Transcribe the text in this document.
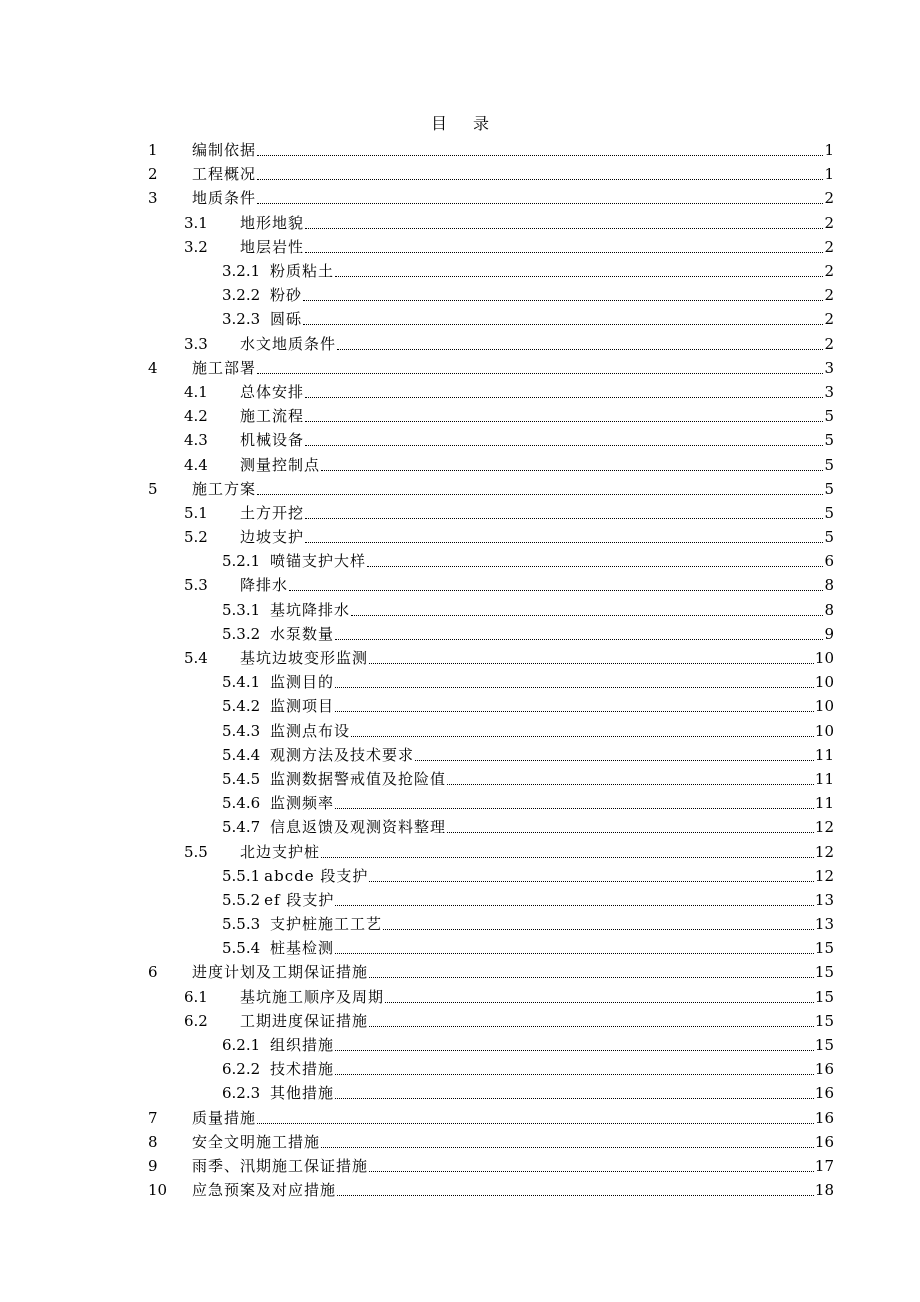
目 录
1	编制依据	1
2	工程概况	1
3	地质条件	2
3.1	地形地貌	2
3.2	地层岩性	2
3.2.1 粉质粘土	2
3.2.2 粉砂	2
3.2.3 圆砾	2
3.3	水文地质条件	2
4	施工部署	3
4.1	总体安排	3
4.2	施工流程	5
4.3	机械设备	5
4.4	测量控制点	5
5	施工方案	5
5.1	土方开挖	5
5.2	边坡支护	5
5.2.1 喷锚支护大样	6
5.3	降排水	8
5.3.1 基坑降排水	8
5.3.2 水泵数量	9
5.4	基坑边坡变形监测	10
5.4.1 监测目的	10
5.4.2 监测项目	10
5.4.3 监测点布设	10
5.4.4 观测方法及技术要求	11
5.4.5 监测数据警戒值及抢险值	11
5.4.6 监测频率	11
5.4.7 信息返馈及观测资料整理	12
5.5	北边支护桩	12
5.5.1 abcde 段支护	12
5.5.2 ef 段支护	13
5.5.3 支护桩施工工艺	13
5.5.4 桩基检测	15
6	进度计划及工期保证措施	15
6.1	基坑施工顺序及周期	15
6.2	工期进度保证措施	15
6.2.1 组织措施	15
6.2.2 技术措施	16
6.2.3 其他措施	16
7	质量措施	16
8	安全文明施工措施	16
9	雨季、汛期施工保证措施	17
10	应急预案及对应措施	18
